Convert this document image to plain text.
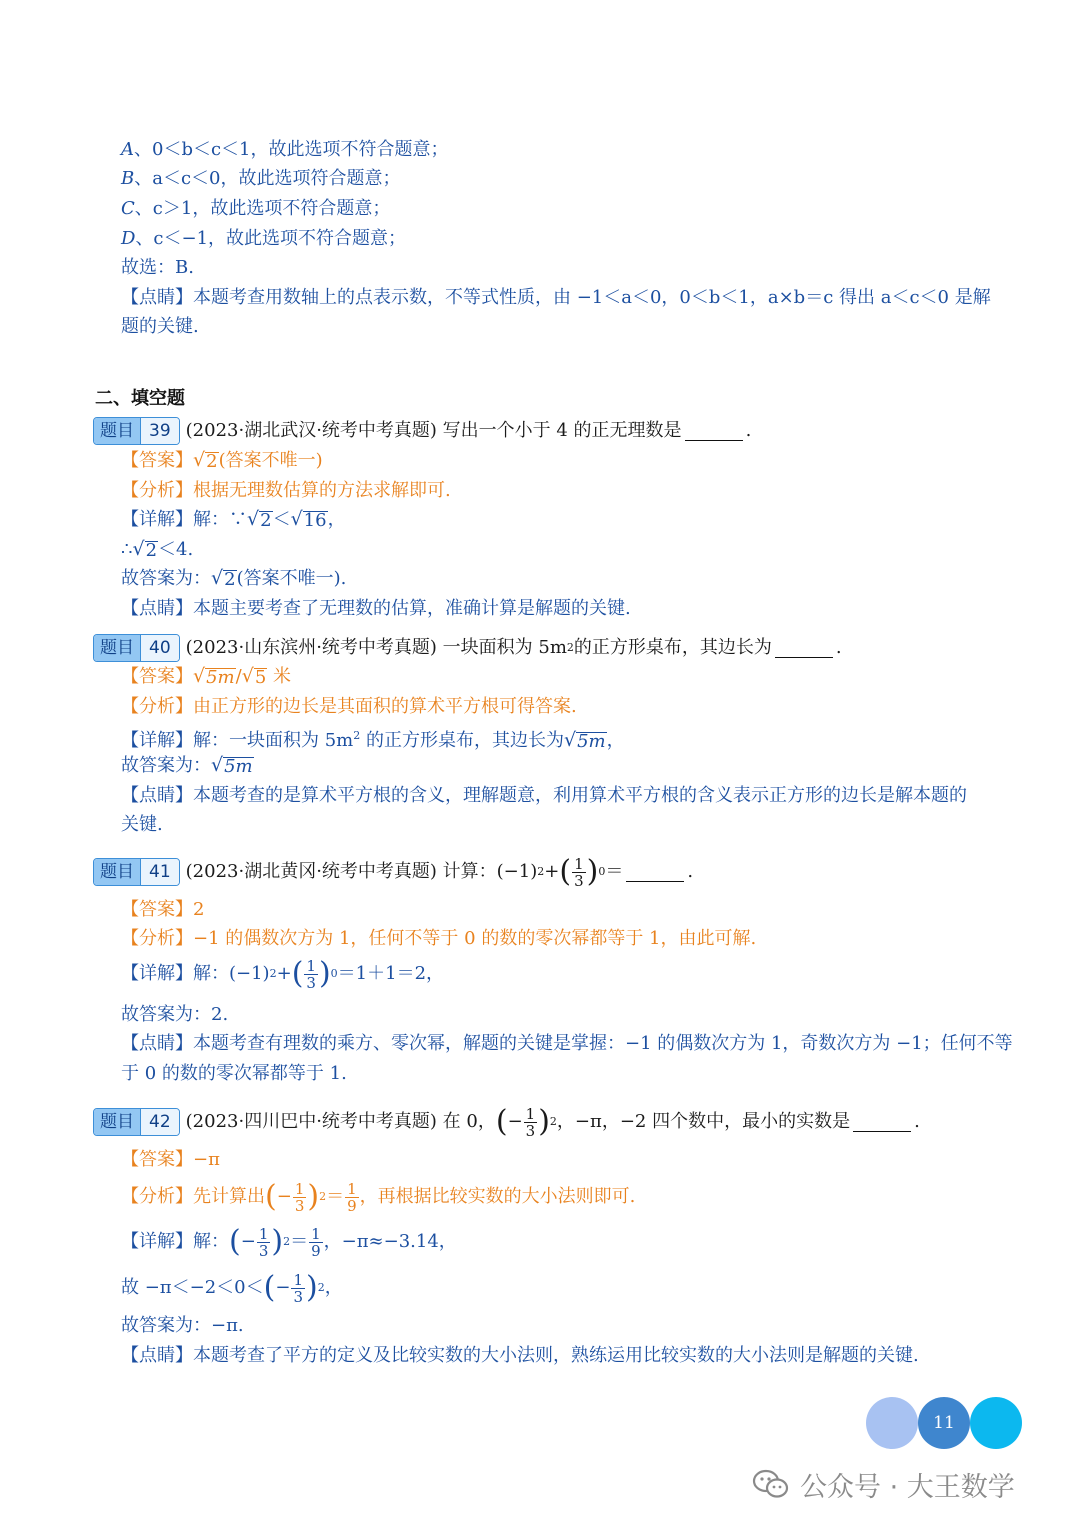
A、0＜b＜c＜1，故此选项不符合题意；
B、a＜c＜0，故此选项符合题意；
C、c＞1，故此选项不符合题意；
D、c＜−1，故此选项不符合题意；
故选：B.
【点睛】本题考查用数轴上的点表示数，不等式性质，由 −1＜a＜0，0＜b＜1，a×b＝c 得出 a＜c＜0 是解
题的关键.
二、填空题
题目 39 (2023·湖北武汉·统考中考真题) 写出一个小于 4 的正无理数是	.
【答案】 √ 2 (答案不唯一)
【分析】根据无理数估算的方法求解即可.
【详解】解：∵ √ 2 ＜ √ 16 ，
∴ √ 2 ＜4.
故答案为： √ 2 (答案不唯一).
【点睛】本题主要考查了无理数的估算，准确计算是解题的关键.
题目 40 (2023·山东滨州·统考中考真题) 一块面积为 5m 2 的正方形桌布，其边长为	.
【答案】 √ 5m / √ 5 米
【分析】由正方形的边长是其面积的算术平方根可得答案.
【详解】解：一块面积为 $5m^2$ 的正方形桌布，其边长为 √ 5m ，
故答案为： √ 5m
【点睛】本题考查的是算术平方根的含义，理解题意，利用算术平方根的含义表示正方形的边长是解本题的
关键.
题目 41 (2023·湖北黄冈·统考中考真题) 计算：(−1) 2 + ( $\frac{1}{3}$ ) 0 ＝	.
【答案】2
【分析】−1 的偶数次方为 1，任何不等于 0 的数的零次幂都等于 1，由此可解.
【详解】解：(−1) 2 + ( $\frac{1}{3}$ ) 0 ＝1＋1＝2，
故答案为：2.
【点睛】本题考查有理数的乘方、零次幂，解题的关键是掌握：−1 的偶数次方为 1，奇数次方为 −1；任何不等
于 0 的数的零次幂都等于 1.
题目 42 (2023·四川巴中·统考中考真题) 在 0， ( − $\frac{1}{3}$ ) 2 ，−π，−2 四个数中，最小的实数是	.
【答案】−π
【分析】先计算出 ( − $\frac{1}{3}$ ) $2 = \frac{1}{9}$ ，再根据比较实数的大小法则即可.
【详解】解： ( − $\frac{1}{3}$ ) $2 = \frac{1}{9}$ ，−π≈−3.14，
故 −π＜−2＜0＜ ( − $\frac{1}{3}$ ) 2 ，
故答案为：−π.
【点睛】本题考查了平方的定义及比较实数的大小法则，熟练运用比较实数的大小法则是解题的关键.
11
公众号 · 大王数学
